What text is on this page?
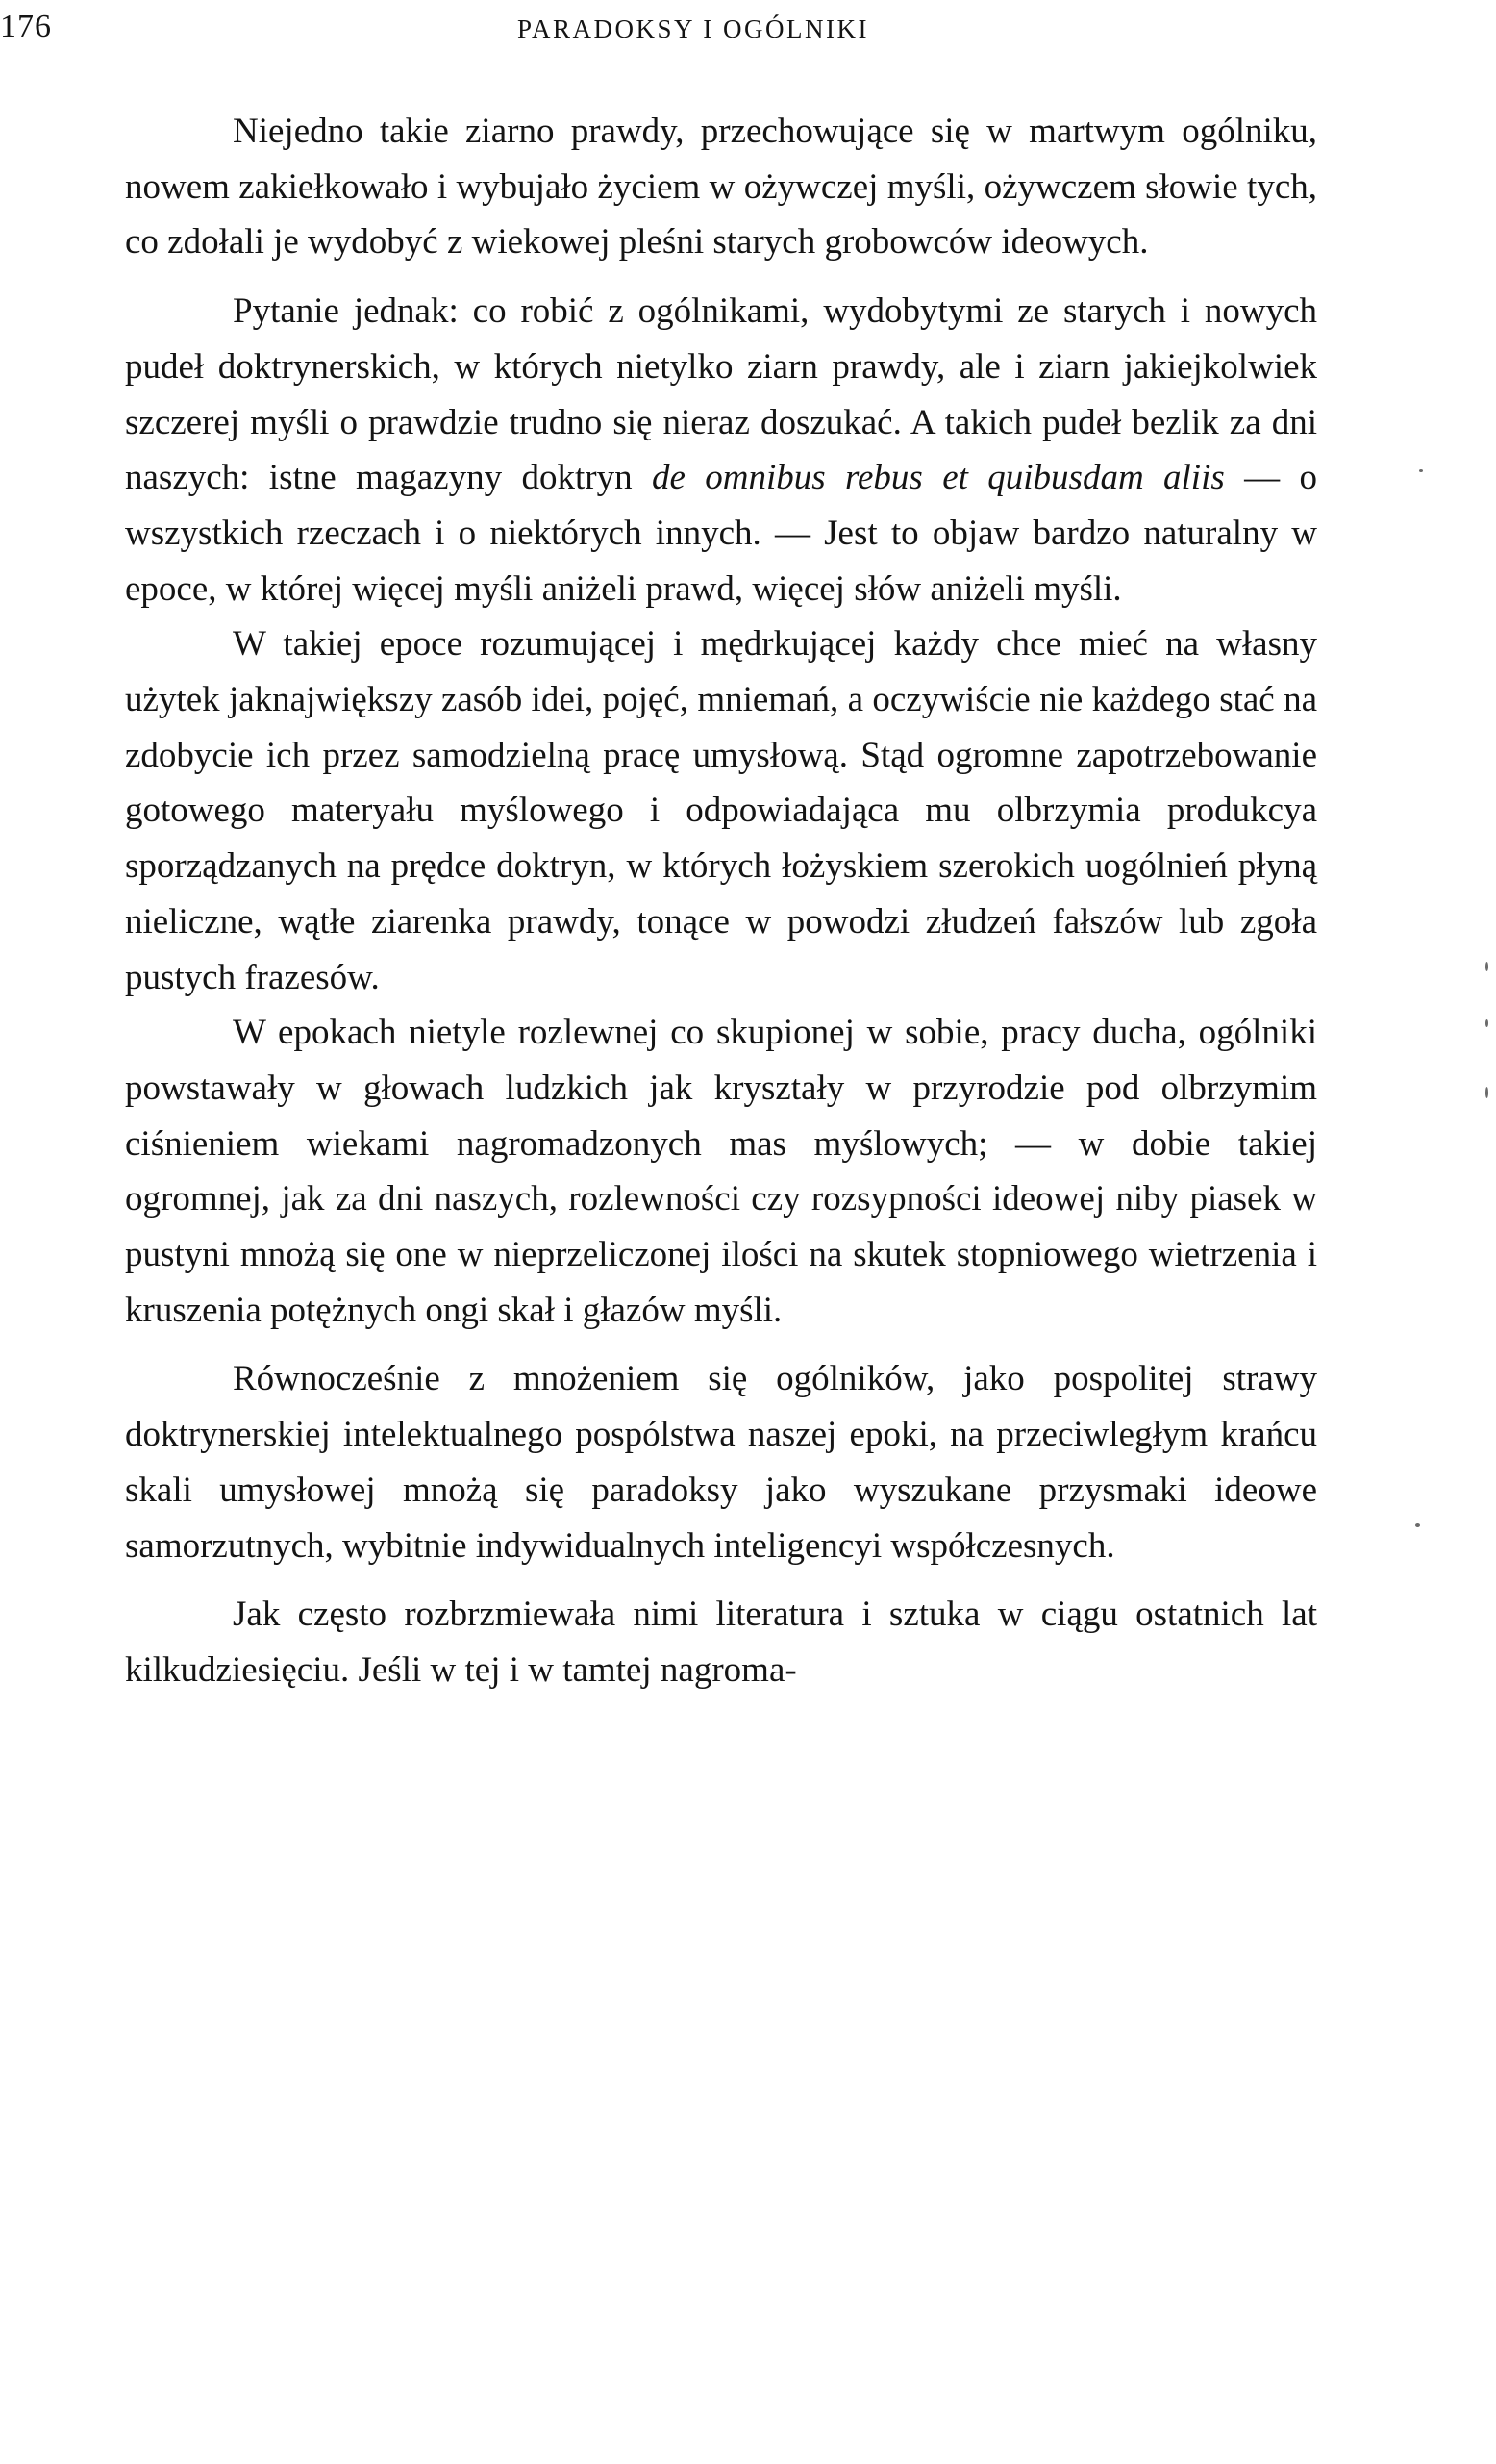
176	PARADOKSY I OGÓLNIKI

Niejedno takie ziarno prawdy, przechowujące się w martwym ogólniku, nowem zakiełkowało i wybujało życiem w ożywczej myśli, ożywczem słowie tych, co zdołali je wydobyć z wiekowej pleśni starych grobowców ideowych.

Pytanie jednak: co robić z ogólnikami, wydobytymi ze starych i nowych pudeł doktrynerskich, w których nietylko ziarn prawdy, ale i ziarn jakiejkolwiek szczerej myśli o prawdzie trudno się nieraz doszukać. A takich pudeł bezlik za dni naszych: istne magazyny doktryn de omnibus rebus et quibusdam aliis — o wszystkich rzeczach i o niektórych innych. — Jest to objaw bardzo naturalny w epoce, w której więcej myśli aniżeli prawd, więcej słów aniżeli myśli.

W takiej epoce rozumującej i mędrkującej każdy chce mieć na własny użytek jaknajwiększy zasób idei, pojęć, mniemań, a oczywiście nie każdego stać na zdobycie ich przez samodzielną pracę umysłową. Stąd ogromne zapotrzebowanie gotowego materyału myślowego i odpowiadająca mu olbrzymia produkcya sporządzanych na prędce doktryn, w których łożyskiem szerokich uogólnień płyną nieliczne, wątłe ziarenka prawdy, tonące w powodzi złudzeń fałszów lub zgoła pustych frazesów.

W epokach nietyle rozlewnej co skupionej w sobie, pracy ducha, ogólniki powstawały w głowach ludzkich jak kryształy w przyrodzie pod olbrzymim ciśnieniem wiekami nagromadzonych mas myślowych; — w dobie takiej ogromnej, jak za dni naszych, rozlewności czy rozsypności ideowej niby piasek w pustyni mnożą się one w nieprzeliczonej ilości na skutek stopniowego wietrzenia i kruszenia potężnych ongi skał i głazów myśli.

Równocześnie z mnożeniem się ogólników, jako pospolitej strawy doktrynerskiej intelektualnego pospólstwa naszej epoki, na przeciwległym krańcu skali umysłowej mnożą się paradoksy jako wyszukane przysmaki ideowe samorzutnych, wybitnie indywidualnych inteligencyi współczesnych.

Jak często rozbrzmiewała nimi literatura i sztuka w ciągu ostatnich lat kilkudziesięciu. Jeśli w tej i w tamtej nagroma-
